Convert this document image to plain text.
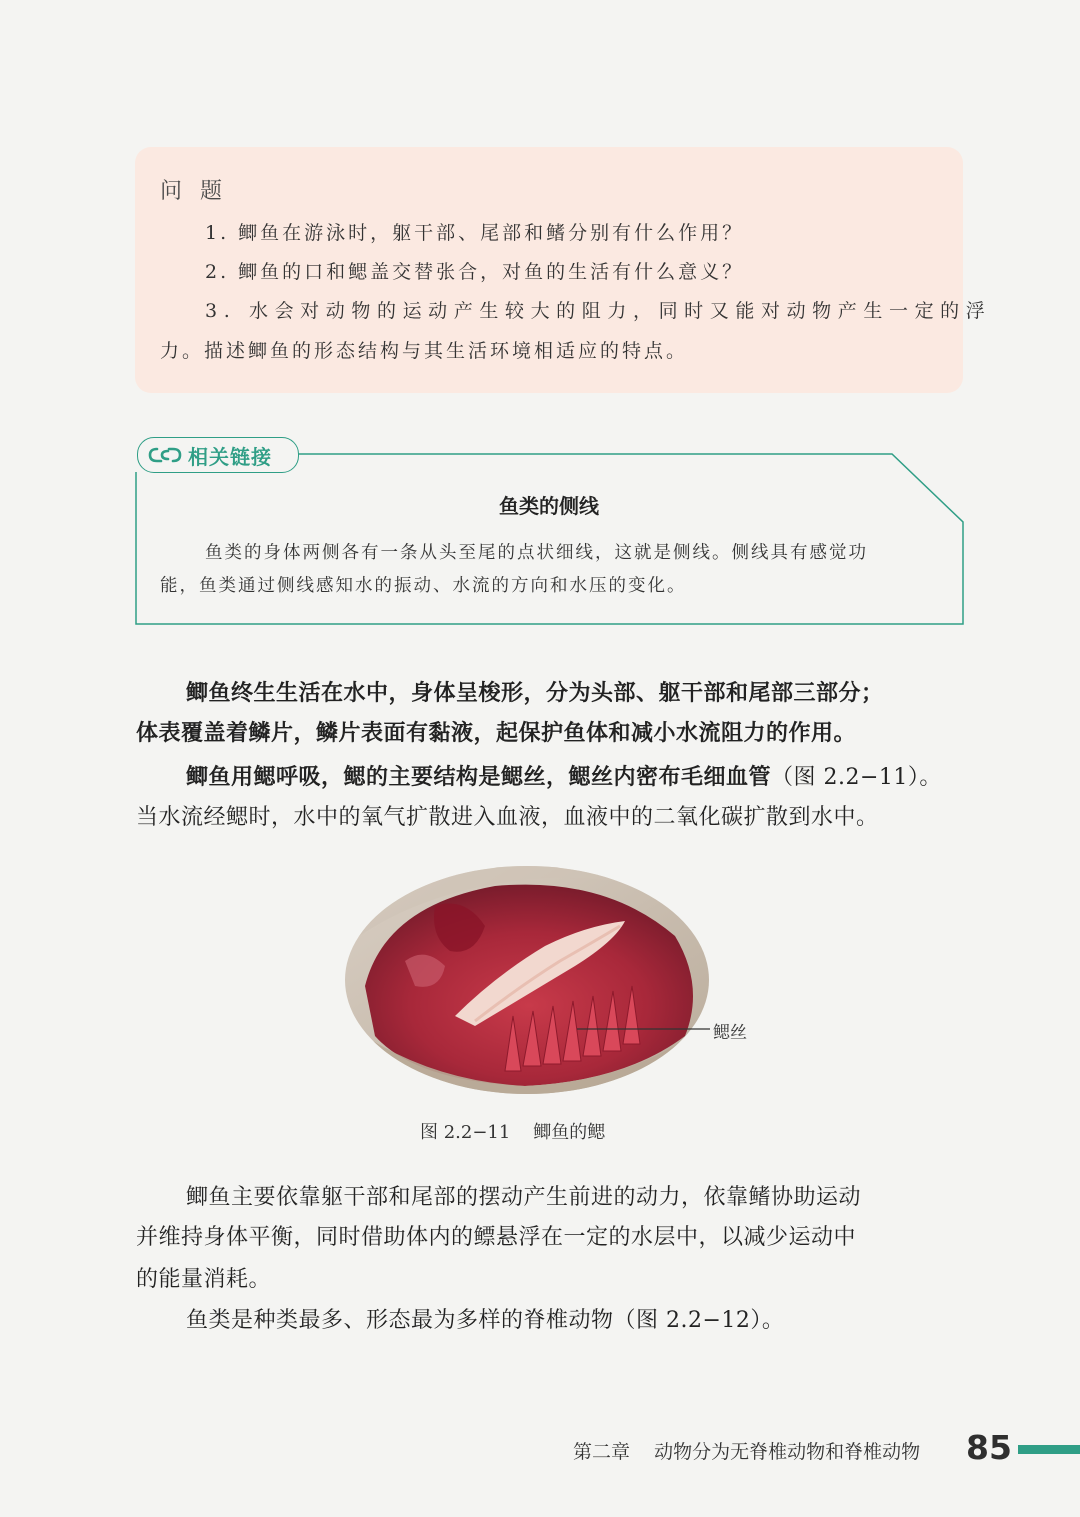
问题
1. 鲫鱼在游泳时，躯干部、尾部和鳍分别有什么作用？
2. 鲫鱼的口和鳃盖交替张合，对鱼的生活有什么意义？
3. 水会对动物的运动产生较大的阻力，同时又能对动物产生一定的浮
力。描述鲫鱼的形态结构与其生活环境相适应的特点。
相关链接
鱼类的侧线
鱼类的身体两侧各有一条从头至尾的点状细线，这就是侧线。侧线具有感觉功
能，鱼类通过侧线感知水的振动、水流的方向和水压的变化。
鲫鱼终生生活在水中，身体呈梭形，分为头部、躯干部和尾部三部分；
体表覆盖着鳞片，鳞片表面有黏液，起保护鱼体和减小水流阻力的作用。
鲫鱼用鳃呼吸，鳃的主要结构是鳃丝，鳃丝内密布毛细血管（图 2.2−11）。
当水流经鳃时，水中的氧气扩散进入血液，血液中的二氧化碳扩散到水中。
鳃丝
图 2.2−11    鲫鱼的鳃
鲫鱼主要依靠躯干部和尾部的摆动产生前进的动力，依靠鳍协助运动
并维持身体平衡，同时借助体内的鳔悬浮在一定的水层中，以减少运动中
的能量消耗。
鱼类是种类最多、形态最为多样的脊椎动物（图 2.2−12）。
第二章    动物分为无脊椎动物和脊椎动物 85
